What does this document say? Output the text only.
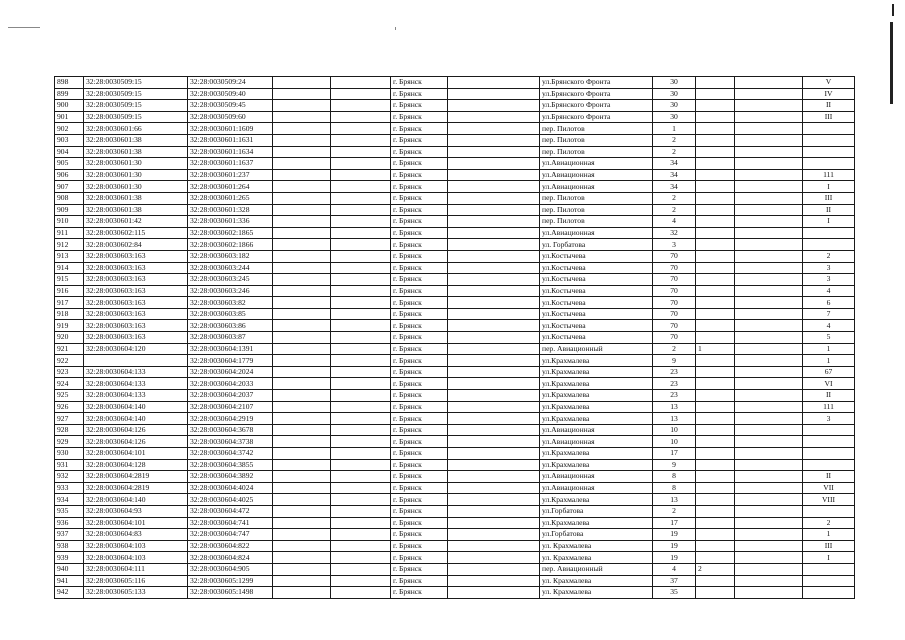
898	32:28:0030509:15	32:28:0030509:24			г. Брянск		ул.Брянского Фронта	30			V
899	32:28:0030509:15	32:28:0030509:40			г. Брянск		ул.Брянского Фронта	30			IV
900	32:28:0030509:15	32:28:0030509:45			г. Брянск		ул.Брянского Фронта	30			II
901	32:28:0030509:15	32:28:0030509:60			г. Брянск		ул.Брянского Фронта	30			III
902	32:28:0030601:66	32:28:0030601:1609			г. Брянск		пер. Пилотов	1			
903	32:28:0030601:38	32:28:0030601:1631			г. Брянск		пер. Пилотов	2			
904	32:28:0030601:38	32:28:0030601:1634			г. Брянск		пер. Пилотов	2			
905	32:28:0030601:30	32:28:0030601:1637			г. Брянск		ул.Авиационная	34			
906	32:28:0030601:30	32:28:0030601:237			г. Брянск		ул.Авиационная	34			111
907	32:28:0030601:30	32:28:0030601:264			г. Брянск		ул.Авиационная	34			I
908	32:28:0030601:38	32:28:0030601:265			г. Брянск		пер. Пилотов	2			III
909	32:28:0030601:38	32:28:0030601:328			г. Брянск		пер. Пилотов	2			II
910	32:28:0030601:42	32:28:0030601:336			г. Брянск		пер. Пилотов	4			I
911	32:28:0030602:115	32:28:0030602:1865			г. Брянск		ул.Авиационная	32			
912	32:28:0030602:84	32:28:0030602:1866			г. Брянск		ул. Горбатова	3			
913	32:28:0030603:163	32:28:0030603:182			г. Брянск		ул.Костычева	70			2
914	32:28:0030603:163	32:28:0030603:244			г. Брянск		ул.Костычева	70			3
915	32:28:0030603:163	32:28:0030603:245			г. Брянск		ул.Костычева	70			3
916	32:28:0030603:163	32:28:0030603:246			г. Брянск		ул.Костычева	70			4
917	32:28:0030603:163	32:28:0030603:82			г. Брянск		ул.Костычева	70			6
918	32:28:0030603:163	32:28:0030603:85			г. Брянск		ул.Костычева	70			7
919	32:28:0030603:163	32:28:0030603:86			г. Брянск		ул.Костычева	70			4
920	32:28:0030603:163	32:28:0030603:87			г. Брянск		ул.Костычева	70			5
921	32:28:0030604:120	32:28:0030604:1391			г. Брянск		пер. Авиационный	2	1		1
922		32:28:0030604:1779			г. Брянск		ул.Крахмалева	9			1
923	32:28:0030604:133	32:28:0030604:2024			г. Брянск		ул.Крахмалева	23			67
924	32:28:0030604:133	32:28:0030604:2033			г. Брянск		ул.Крахмалева	23			VI
925	32:28:0030604:133	32:28:0030604:2037			г. Брянск		ул.Крахмалева	23			II
926	32:28:0030604:140	32:28:0030604:2107			г. Брянск		ул.Крахмалева	13			111
927	32:28:0030604:140	32:28:0030604:2919			г. Брянск		ул.Крахмалева	13			3
928	32:28:0030604:126	32:28:0030604:3678			г. Брянск		ул.Авиационная	10			
929	32:28:0030604:126	32:28:0030604:3738			г. Брянск		ул.Авиационная	10			
930	32:28:0030604:101	32:28:0030604:3742			г. Брянск		ул.Крахмалева	17			
931	32:28:0030604:128	32:28:0030604:3855			г. Брянск		ул.Крахмалева	9			
932	32:28:0030604:2819	32:28:0030604:3892			г. Брянск		ул.Авиационная	8			II
933	32:28:0030604:2819	32:28:0030604:4024			г. Брянск		ул.Авиационная	8			VII
934	32:28:0030604:140	32:28:0030604:4025			г. Брянск		ул.Крахмалева	13			VIII
935	32:28:0030604:93	32:28:0030604:472			г. Брянск		ул.Горбатова	2			
936	32:28:0030604:101	32:28:0030604:741			г. Брянск		ул.Крахмалева	17			2
937	32:28:0030604:83	32:28:0030604:747			г. Брянск		ул.Горбатова	19			1
938	32:28:0030604:103	32:28:0030604:822			г. Брянск		ул. Крахмалева	19			III
939	32:28:0030604:103	32:28:0030604:824			г. Брянск		ул. Крахмалева	19			I
940	32:28:0030604:111	32:28:0030604:905			г. Брянск		пер. Авиационный	4	2		
941	32:28:0030605:116	32:28:0030605:1299			г. Брянск		ул. Крахмалева	37			
942	32:28:0030605:133	32:28:0030605:1498			г. Брянск		ул. Крахмалева	35			
